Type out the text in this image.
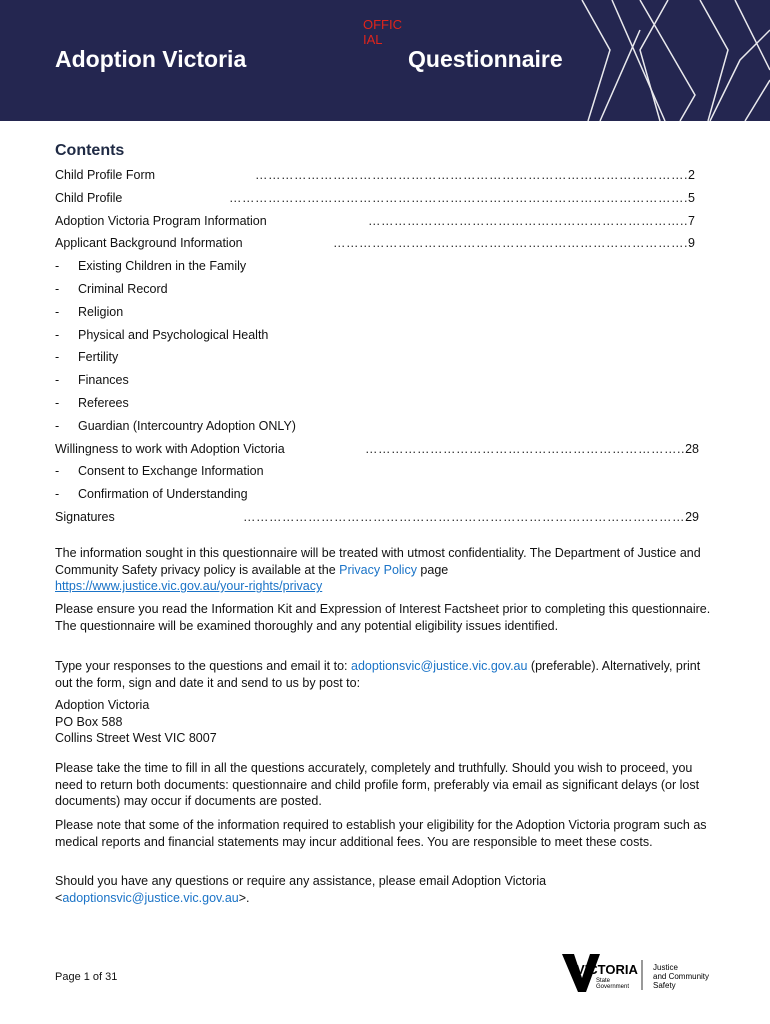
OFFIC
IAL
Adoption Victoria	Questionnaire
Contents
Child Profile Form	………………………………………………………………………………………. 2
Child Profile	……………………………………………………………………………………………. 5
Adoption Victoria Program Information	……………………………………………………………….. 7
Applicant Background Information	………………………………………………………………………. 9
- Existing Children in the Family
- Criminal Record
- Religion
- Physical and Psychological Health
- Fertility
- Finances
- Referees
- Guardian (Intercountry Adoption ONLY)
Willingness to work with Adoption Victoria	……………………………………………………………….. 28
- Consent to Exchange Information
- Confirmation of Understanding
Signatures	………………………………………………………………………………………… 29

The information sought in this questionnaire will be treated with utmost confidentiality. The Department of Justice and Community Safety privacy policy is available at the Privacy Policy page
https://www.justice.vic.gov.au/your-rights/privacy

Please ensure you read the Information Kit and Expression of Interest Factsheet prior to completing this questionnaire. The questionnaire will be examined thoroughly and any potential eligibility issues identified.

Type your responses to the questions and email it to: adoptionsvic@justice.vic.gov.au (preferable). Alternatively, print out the form, sign and date it and send to us by post to:

Adoption Victoria
PO Box 588
Collins Street West VIC 8007
Please take the time to fill in all the questions accurately, completely and truthfully. Should you wish to proceed, you need to return both documents: questionnaire and child profile form, preferably via email as significant delays (or lost documents) may occur if documents are posted.
Please note that some of the information required to establish your eligibility for the Adoption Victoria program such as medical reports and financial statements may incur additional fees. You are responsible to meet these costs.
Should you have any questions or require any assistance, please email Adoption Victoria
<adoptionsvic@justice.vic.gov.au>.
Page 1 of 31	VICTORIA
State
Government
Justice
and Community
Safety
